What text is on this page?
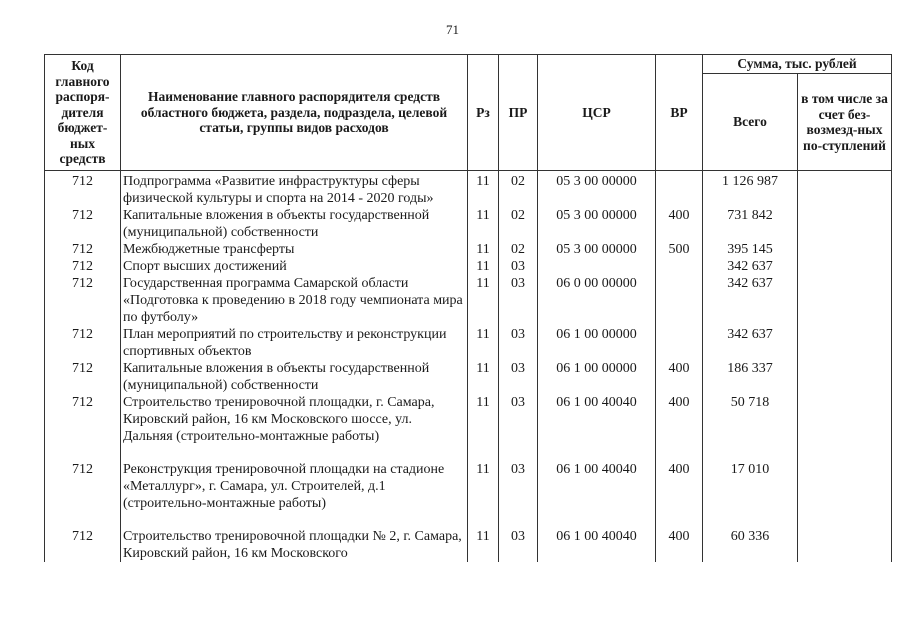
71
Код главного распоря-дителя бюджет-ных средств	Наименование главного распорядителя средств областного бюджета, раздела, подраздела, целевой статьи, группы видов расходов	Рз	ПР	ЦСР	ВР	Сумма, тыс. рублей	
						Всего	в том числе за счет без-возмезд-ных по-ступлений
712	Подпрограмма «Развитие инфраструктуры сферы физической культуры и спорта на 2014 - 2020 годы»	11	02	05 3 00 00000		1 126 987	
712	Капитальные вложения в объекты государственной (муниципальной) собственности	11	02	05 3 00 00000	400	731 842	
712	Межбюджетные трансферты	11	02	05 3 00 00000	500	395 145	
712	Спорт высших достижений	11	03			342 637	
712	Государственная программа Самарской области «Подготовка к проведению в 2018 году чемпионата мира по футболу»	11	03	06 0 00 00000		342 637	
712	План мероприятий по строительству и реконструкции спортивных объектов	11	03	06 1 00 00000		342 637	
712	Капитальные вложения в объекты государственной (муниципальной) собственности	11	03	06 1 00 00000	400	186 337	
712	Строительство тренировочной площадки, г. Самара, Кировский район, 16 км Московского шоссе, ул. Дальняя (строительно-монтажные работы)	11	03	06 1 00 40040	400	50 718	
712	Реконструкция тренировочной площадки на стадионе «Металлург», г. Самара, ул. Строителей, д.1 (строительно-монтажные работы)	11	03	06 1 00 40040	400	17 010	
712	Строительство тренировочной площадки № 2, г. Самара, Кировский район, 16 км Московского	11	03	06 1 00 40040	400	60 336	
